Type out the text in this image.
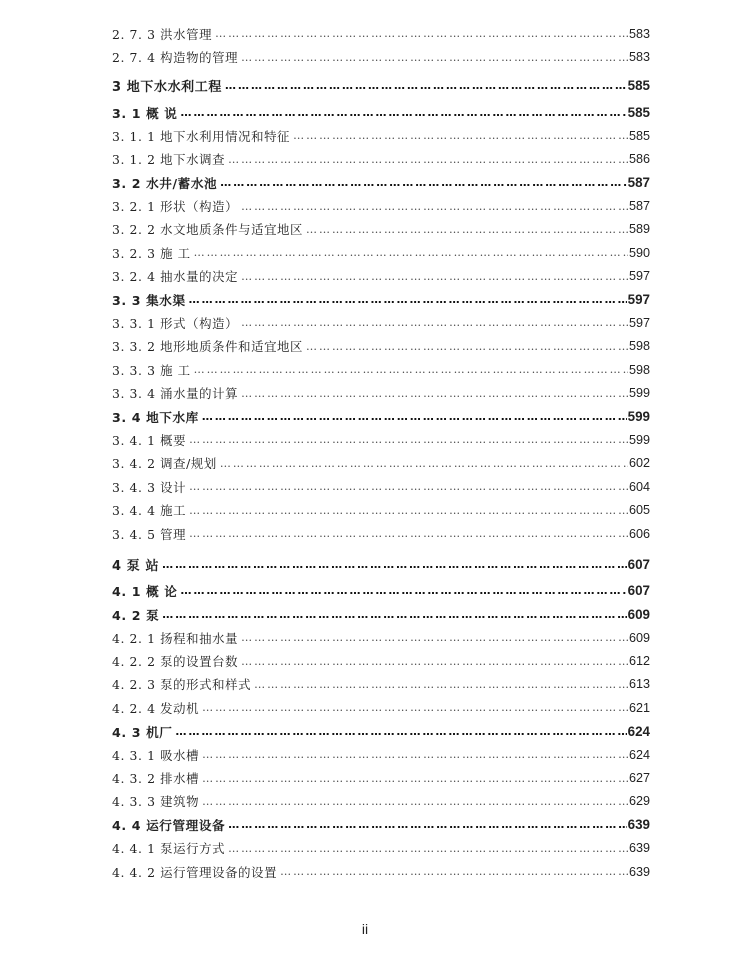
2. 7. 3 洪水管理 …………………………………………………………………………………………………………………………………………………………	583
2. 7. 4 构造物的管理 …………………………………………………………………………………………………………………………………………………………	583
3 地下水水利工程 …………………………………………………………………………………………………………………………………………………………	585
3. 1 概 说 …………………………………………………………………………………………………………………………………………………………	585
3. 1. 1 地下水利用情况和特征 …………………………………………………………………………………………………………………………………………………………	585
3. 1. 2 地下水调查 …………………………………………………………………………………………………………………………………………………………	586
3. 2 水井/蓄水池 …………………………………………………………………………………………………………………………………………………………	587
3. 2. 1 形状（构造） …………………………………………………………………………………………………………………………………………………………	587
3. 2. 2 水文地质条件与适宜地区 …………………………………………………………………………………………………………………………………………………………	589
3. 2. 3 施 工 …………………………………………………………………………………………………………………………………………………………	590
3. 2. 4 抽水量的决定 …………………………………………………………………………………………………………………………………………………………	597
3. 3 集水渠 …………………………………………………………………………………………………………………………………………………………	597
3. 3. 1 形式（构造） …………………………………………………………………………………………………………………………………………………………	597
3. 3. 2 地形地质条件和适宜地区 …………………………………………………………………………………………………………………………………………………………	598
3. 3. 3 施 工 …………………………………………………………………………………………………………………………………………………………	598
3. 3. 4 涌水量的计算 …………………………………………………………………………………………………………………………………………………………	599
3. 4 地下水库 …………………………………………………………………………………………………………………………………………………………	599
3. 4. 1 概要 …………………………………………………………………………………………………………………………………………………………	599
3. 4. 2 调查/规划 …………………………………………………………………………………………………………………………………………………………	602
3. 4. 3 设计 …………………………………………………………………………………………………………………………………………………………	604
3. 4. 4 施工 …………………………………………………………………………………………………………………………………………………………	605
3. 4. 5 管理 …………………………………………………………………………………………………………………………………………………………	606
4 泵 站 …………………………………………………………………………………………………………………………………………………………	607
4. 1 概 论 …………………………………………………………………………………………………………………………………………………………	607
4. 2 泵 …………………………………………………………………………………………………………………………………………………………	609
4. 2. 1 扬程和抽水量 …………………………………………………………………………………………………………………………………………………………	609
4. 2. 2 泵的设置台数 …………………………………………………………………………………………………………………………………………………………	612
4. 2. 3 泵的形式和样式 …………………………………………………………………………………………………………………………………………………………	613
4. 2. 4 发动机 …………………………………………………………………………………………………………………………………………………………	621
4. 3 机厂 …………………………………………………………………………………………………………………………………………………………	624
4. 3. 1 吸水槽 …………………………………………………………………………………………………………………………………………………………	624
4. 3. 2 排水槽 …………………………………………………………………………………………………………………………………………………………	627
4. 3. 3 建筑物 …………………………………………………………………………………………………………………………………………………………	629
4. 4 运行管理设备 …………………………………………………………………………………………………………………………………………………………	639
4. 4. 1 泵运行方式 …………………………………………………………………………………………………………………………………………………………	639
4. 4. 2 运行管理设备的设置 …………………………………………………………………………………………………………………………………………………………	639
ii
